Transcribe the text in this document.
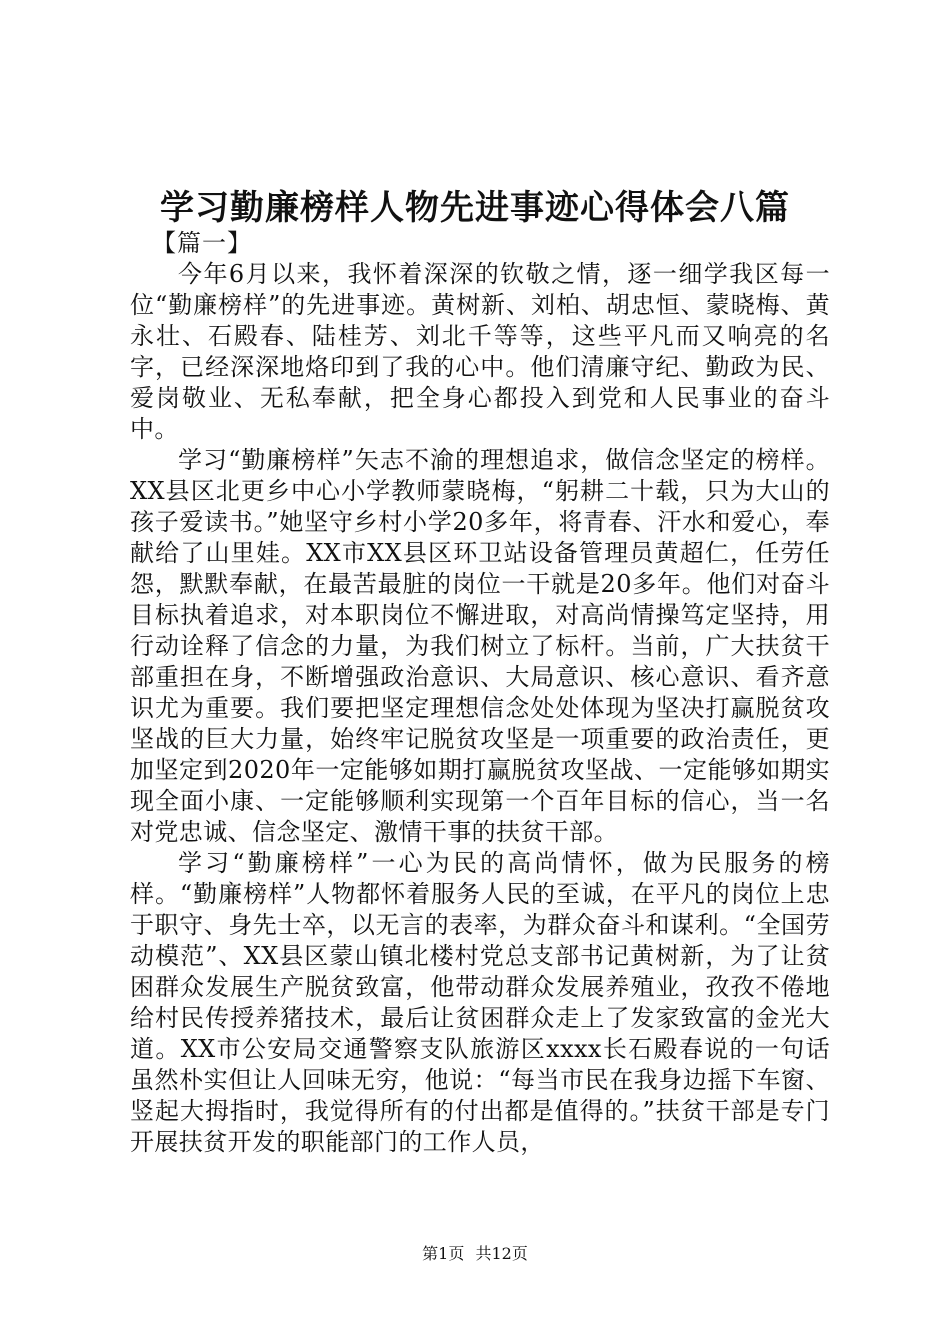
学习勤廉榜样人物先进事迹心得体会八篇

【篇一】

今年6月以来，我怀着深深的钦敬之情，逐一细学我区每一位“勤廉榜样”的先进事迹。黄树新、刘柏、胡忠恒、蒙晓梅、黄永壮、石殿春、陆桂芳、刘北千等等，这些平凡而又响亮的名字，已经深深地烙印到了我的心中。他们清廉守纪、勤政为民、爱岗敬业、无私奉献，把全身心都投入到党和人民事业的奋斗中。

学习“勤廉榜样”矢志不渝的理想追求，做信念坚定的榜样。XX县区北更乡中心小学教师蒙晓梅，“躬耕二十载，只为大山的孩子爱读书。”她坚守乡村小学20多年，将青春、汗水和爱心，奉献给了山里娃。XX市XX县区环卫站设备管理员黄超仁，任劳任怨，默默奉献，在最苦最脏的岗位一干就是20多年。他们对奋斗目标执着追求，对本职岗位不懈进取，对高尚情操笃定坚持，用行动诠释了信念的力量，为我们树立了标杆。当前，广大扶贫干部重担在身，不断增强政治意识、大局意识、核心意识、看齐意识尤为重要。我们要把坚定理想信念处处体现为坚决打赢脱贫攻坚战的巨大力量，始终牢记脱贫攻坚是一项重要的政治责任，更加坚定到2020年一定能够如期打赢脱贫攻坚战、一定能够如期实现全面小康、一定能够顺利实现第一个百年目标的信心，当一名对党忠诚、信念坚定、激情干事的扶贫干部。

学习“勤廉榜样”一心为民的高尚情怀，做为民服务的榜样。“勤廉榜样”人物都怀着服务人民的至诚，在平凡的岗位上忠于职守、身先士卒，以无言的表率，为群众奋斗和谋利。“全国劳动模范”、XX县区蒙山镇北楼村党总支部书记黄树新，为了让贫困群众发展生产脱贫致富，他带动群众发展养殖业，孜孜不倦地给村民传授养猪技术，最后让贫困群众走上了发家致富的金光大道。XX市公安局交通警察支队旅游区xxxx长石殿春说的一句话虽然朴实但让人回味无穷，他说：“每当市民在我身边摇下车窗、竖起大拇指时，我觉得所有的付出都是值得的。”扶贫干部是专门开展扶贫开发的职能部门的工作人员，

第1页 共12页
